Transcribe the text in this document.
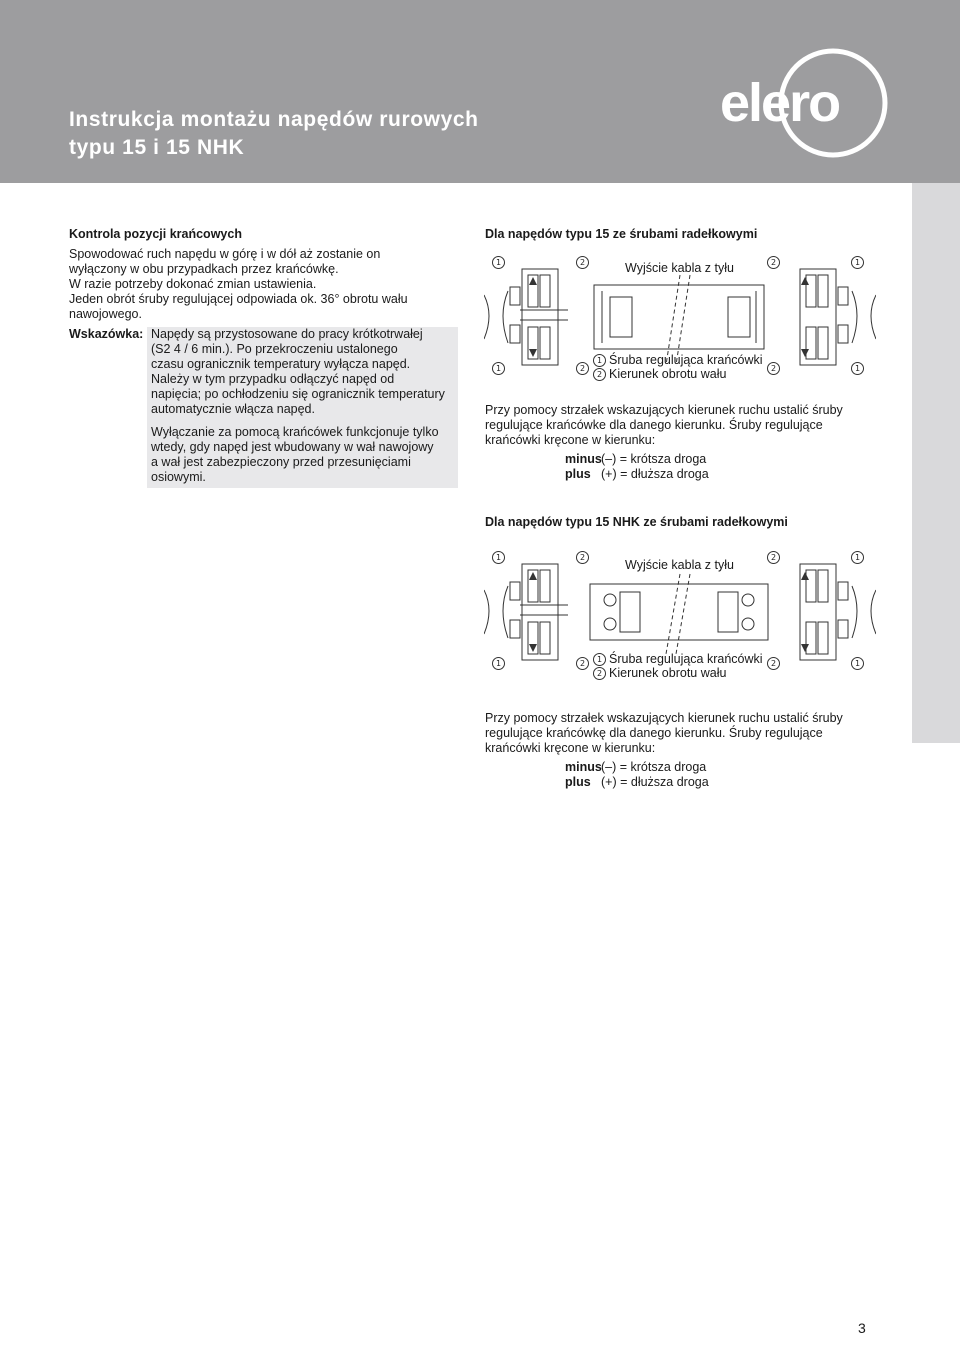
Instrukcja montażu napędów rurowych
typu 15 i 15 NHK
elero
Kontrola pozycji krańcowych

Spowodować ruch napędu w górę i w dół aż zostanie on

wyłączony w obu przypadkach przez krańcówkę.

W razie potrzeby dokonać zmian ustawienia.

Jeden obrót śruby regulującej odpowiada ok. 36° obrotu wału

nawojowego.

Wskazówka: Napędy są przystosowane do pracy krótkotrwałej

(S2 4 / 6 min.). Po przekroczeniu ustalonego

czasu ogranicznik temperatury wyłącza napęd.

Należy w tym przypadku odłączyć napęd od

napięcia; po ochłodzeniu się ogranicznik temperatury

automatycznie włącza napęd.

Wyłączanie za pomocą krańcówek funkcjonuje tylko

wtedy, gdy napęd jest wbudowany w wał nawojowy

a wał jest zabezpieczony przed przesunięciami

osiowymi.

Dla napędów typu 15 ze śrubami radełkowymi
1	2	2	1
Wyjście kabla z tyłu
1	2	2	1
1 Śruba regulująca krańcówki
2 Kierunek obrotu wału

Przy pomocy strzałek wskazujących kierunek ruchu ustalić śruby

regulujące krańcówke dla danego kierunku. Śruby regulujące

krańcówki kręcone w kierunku:

minus (–) = krótsza droga
plus (+) = dłuższa droga
Dla napędów typu 15 NHK ze śrubami radełkowymi
1	2	2	1
Wyjście kabla z tyłu
1	2	2	1
1 Śruba regulująca krańcówki
2 Kierunek obrotu wału

Przy pomocy strzałek wskazujących kierunek ruchu ustalić śruby

regulujące krańcówkę dla danego kierunku. Śruby regulujące

krańcówki kręcone w kierunku:

minus (–) = krótsza droga
plus (+) = dłuższa droga
3
